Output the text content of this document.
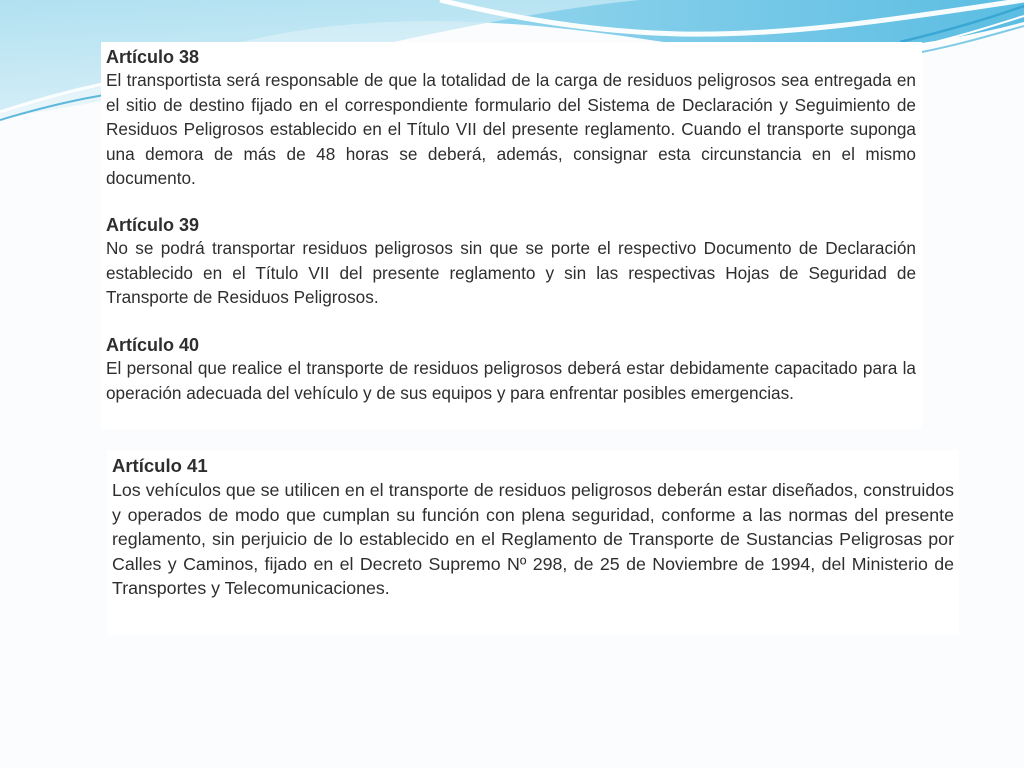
Artículo 38

El transportista será responsable de que la totalidad de la carga de residuos peligrosos sea entregada en el sitio de destino fijado en el correspondiente formulario del Sistema de Declaración y Seguimiento de Residuos Peligrosos establecido en el Título VII del presente reglamento. Cuando el transporte suponga una demora de más de 48 horas se deberá, además, consignar esta circunstancia en el mismo documento.

Artículo 39

No se podrá transportar residuos peligrosos sin que se porte el respectivo Documento de Declaración establecido en el Título VII del presente reglamento y sin las respectivas Hojas de Seguridad de Transporte de Residuos Peligrosos.

Artículo 40

El personal que realice el transporte de residuos peligrosos deberá estar debidamente capacitado para la operación adecuada del vehículo y de sus equipos y para enfrentar posibles emergencias.

Artículo 41

Los vehículos que se utilicen en el transporte de residuos peligrosos deberán estar diseñados, construidos y operados de modo que cumplan su función con plena seguridad, conforme a las normas del presente reglamento, sin perjuicio de lo establecido en el Reglamento de Transporte de Sustancias Peligrosas por Calles y Caminos, fijado en el Decreto Supremo Nº 298, de 25 de Noviembre de 1994, del Ministerio de Transportes y Telecomunicaciones.
